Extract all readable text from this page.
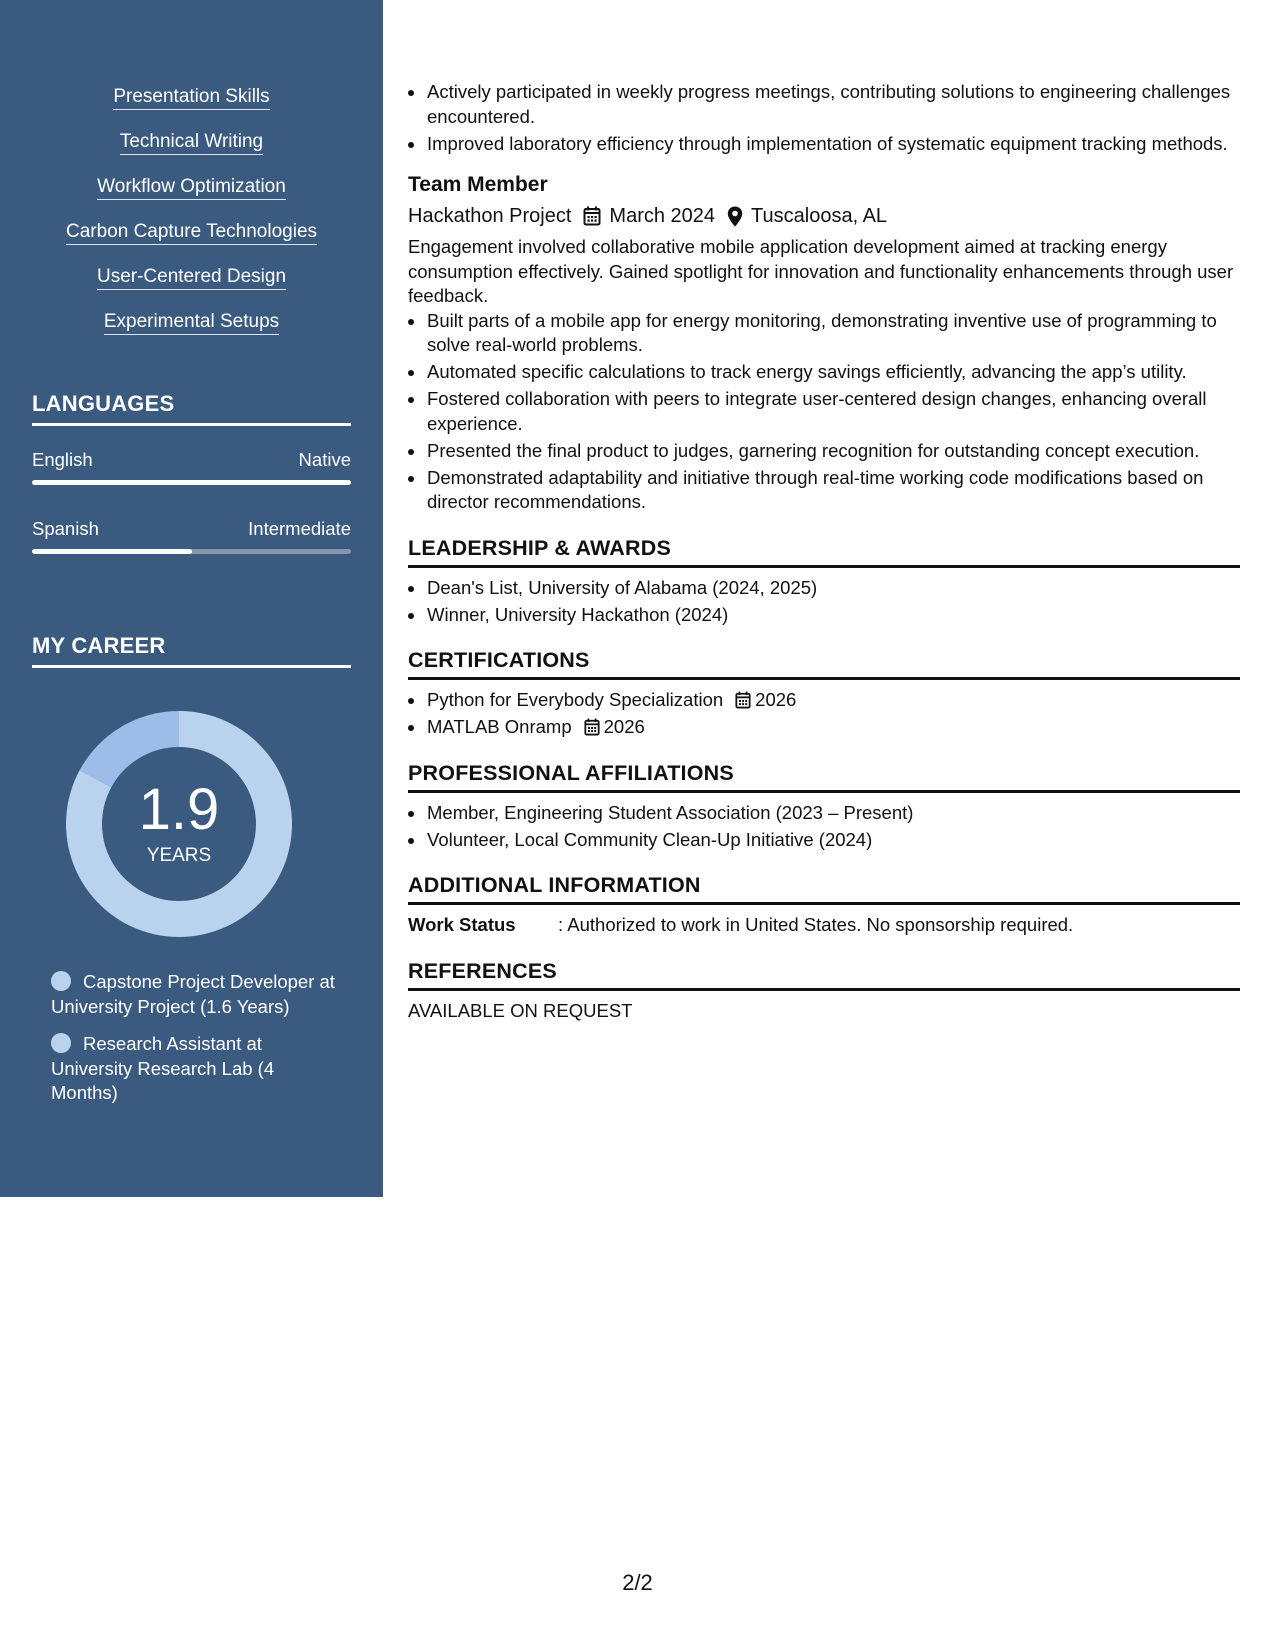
Presentation Skills
Technical Writing
Workflow Optimization
Carbon Capture Technologies
User-Centered Design
Experimental Setups
LANGUAGES
English	Native
Spanish	Intermediate
MY CAREER
1.9
YEARS
Capstone Project Developer at University Project (1.6 Years)
Research Assistant at University Research Lab (4 Months)
Actively participated in weekly progress meetings, contributing solutions to engineering challenges encountered.
Improved laboratory efficiency through implementation of systematic equipment tracking methods.
Team Member
Hackathon Project March 2024 Tuscaloosa, AL
Engagement involved collaborative mobile application development aimed at tracking energy consumption effectively. Gained spotlight for innovation and functionality enhancements through user feedback.
Built parts of a mobile app for energy monitoring, demonstrating inventive use of programming to solve real-world problems.
Automated specific calculations to track energy savings efficiently, advancing the app’s utility.
Fostered collaboration with peers to integrate user-centered design changes, enhancing overall experience.
Presented the final product to judges, garnering recognition for outstanding concept execution.
Demonstrated adaptability and initiative through real-time working code modifications based on director recommendations.
LEADERSHIP & AWARDS
Dean's List, University of Alabama (2024, 2025)
Winner, University Hackathon (2024)
CERTIFICATIONS
Python for Everybody Specialization 2026
MATLAB Onramp 2026
PROFESSIONAL AFFILIATIONS
Member, Engineering Student Association (2023 – Present)
Volunteer, Local Community Clean-Up Initiative (2024)
ADDITIONAL INFORMATION
Work Status	: Authorized to work in United States. No sponsorship required.
REFERENCES
AVAILABLE ON REQUEST
2/2
